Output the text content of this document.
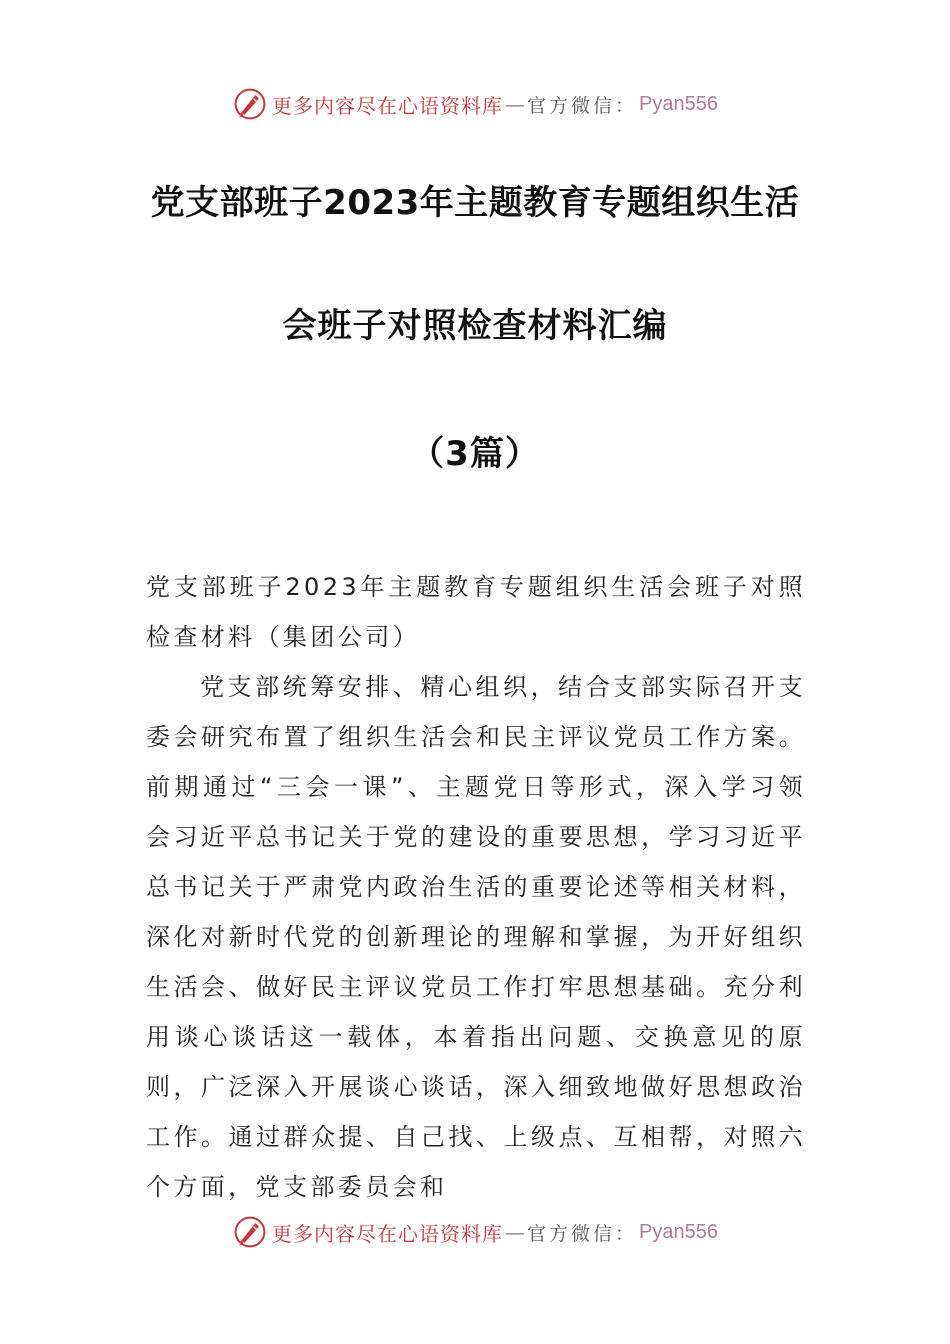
更多内容尽在心语资料库 — 官方微信： Pyan556
党支部班子2023年主题教育专题组织生活
会班子对照检查材料汇编
（3篇）
党支部班子2023年主题教育专题组织生活会班子对照检查材料（集团公司）
党支部统筹安排、精心组织，结合支部实际召开支委会研究布置了组织生活会和民主评议党员工作方案。前期通过“三会一课”、主题党日等形式，深入学习领会习近平总书记关于党的建设的重要思想，学习习近平总书记关于严肃党内政治生活的重要论述等相关材料，深化对新时代党的创新理论的理解和掌握，为开好组织生活会、做好民主评议党员工作打牢思想基础。充分利用谈心谈话这一载体，本着指出问题、交换意见的原则，广泛深入开展谈心谈话，深入细致地做好思想政治工作。通过群众提、自己找、上级点、互相帮，对照六个方面，党支部委员会和
更多内容尽在心语资料库 — 官方微信： Pyan556
